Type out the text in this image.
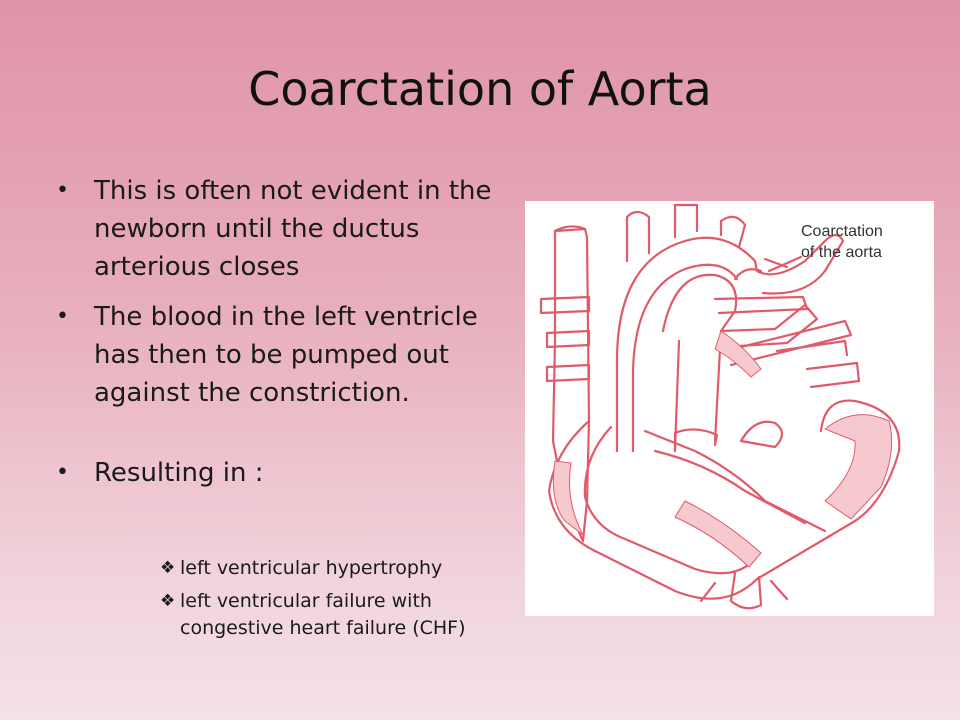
Coarctation of Aorta
• This is often not evident in the newborn until the ductus arterious closes
• The blood in the left ventricle has then to be pumped out against the constriction.
• Resulting in :
❖ left ventricular hypertrophy
❖ left ventricular failure with congestive heart failure (CHF)
Coarctation
of the aorta
